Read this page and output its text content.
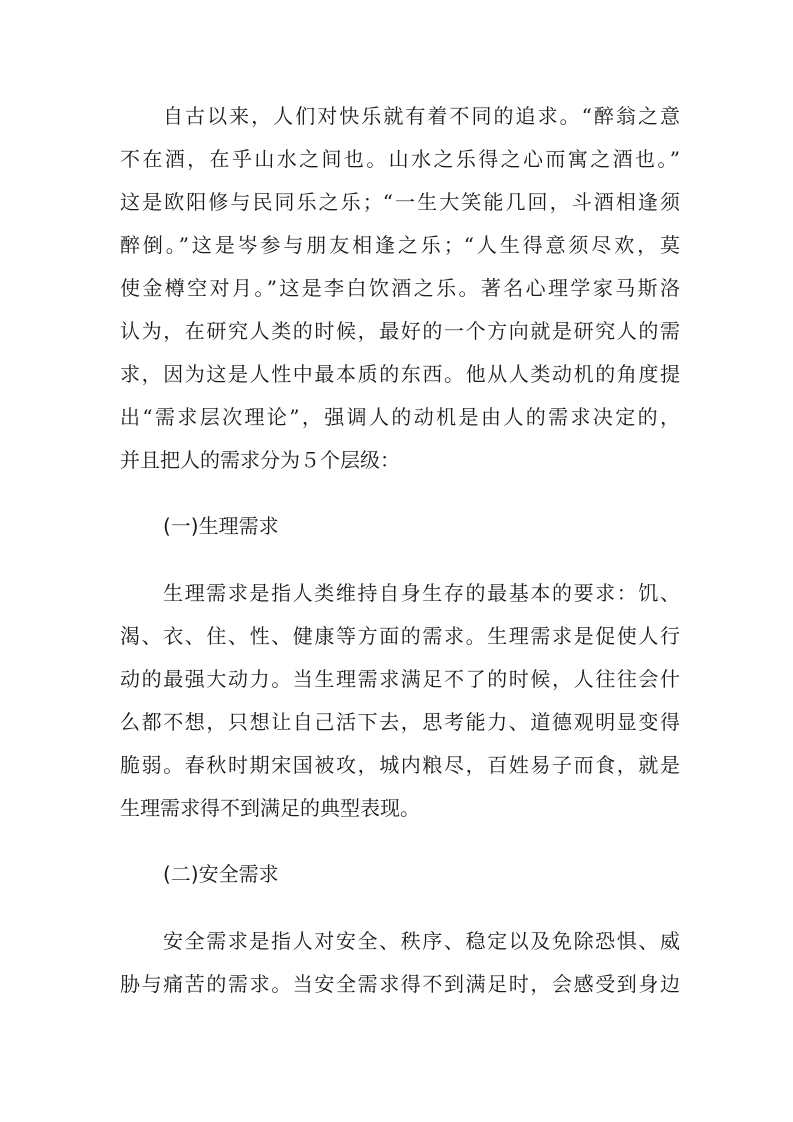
自古以来，人们对快乐就有着不同的追求。“醉翁之意
不在酒，在乎山水之间也。山水之乐得之心而寓之酒也。”
这是欧阳修与民同乐之乐；“一生大笑能几回，斗酒相逢须
醉倒。”这是岑参与朋友相逢之乐；“人生得意须尽欢，莫
使金樽空对月。”这是李白饮酒之乐。著名心理学家马斯洛
认为，在研究人类的时候，最好的一个方向就是研究人的需
求，因为这是人性中最本质的东西。他从人类动机的角度提
出“需求层次理论”，强调人的动机是由人的需求决定的，
并且把人的需求分为５个层级：
(一)生理需求
生理需求是指人类维持自身生存的最基本的要求：饥、
渴、衣、住、性、健康等方面的需求。生理需求是促使人行
动的最强大动力。当生理需求满足不了的时候，人往往会什
么都不想，只想让自己活下去，思考能力、道德观明显变得
脆弱。春秋时期宋国被攻，城内粮尽，百姓易子而食，就是
生理需求得不到满足的典型表现。
(二)安全需求
安全需求是指人对安全、秩序、稳定以及免除恐惧、威
胁与痛苦的需求。当安全需求得不到满足时，会感受到身边
